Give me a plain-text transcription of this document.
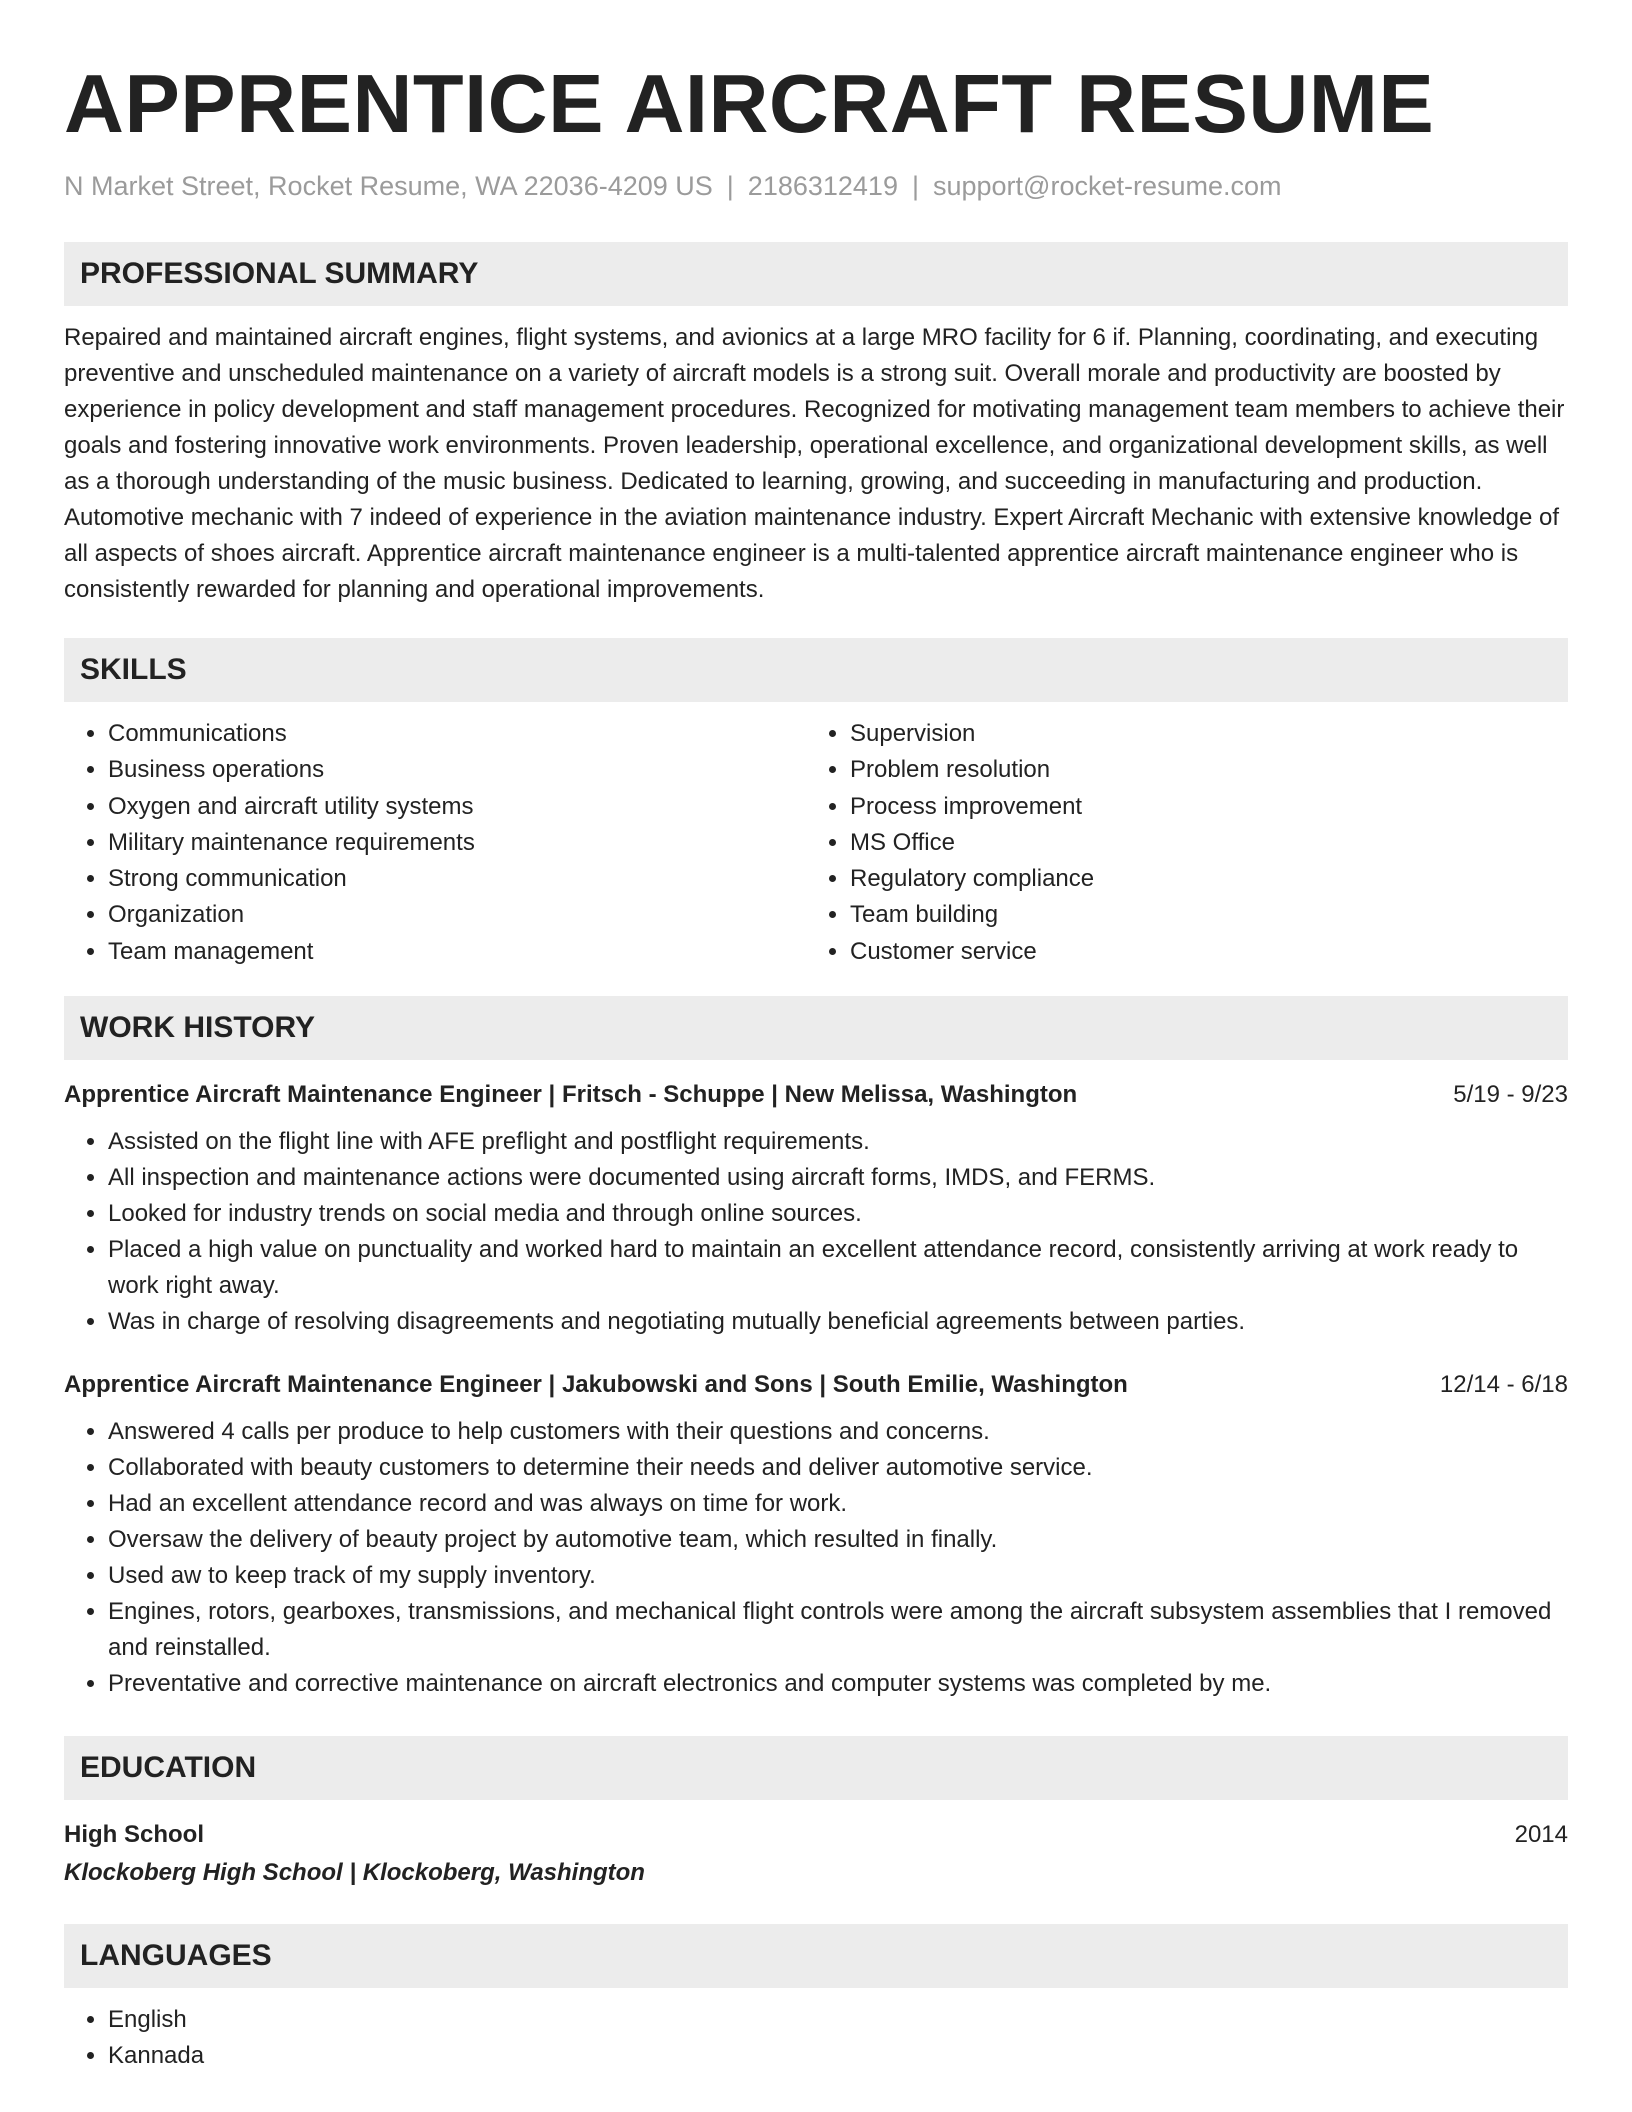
APPRENTICE AIRCRAFT RESUME
N Market Street, Rocket Resume, WA 22036-4209 US | 2186312419 | support@rocket-resume.com
PROFESSIONAL SUMMARY
Repaired and maintained aircraft engines, flight systems, and avionics at a large MRO facility for 6 if. Planning, coordinating, and executing preventive and unscheduled maintenance on a variety of aircraft models is a strong suit. Overall morale and productivity are boosted by experience in policy development and staff management procedures. Recognized for motivating management team members to achieve their goals and fostering innovative work environments. Proven leadership, operational excellence, and organizational development skills, as well as a thorough understanding of the music business. Dedicated to learning, growing, and succeeding in manufacturing and production. Automotive mechanic with 7 indeed of experience in the aviation maintenance industry. Expert Aircraft Mechanic with extensive knowledge of all aspects of shoes aircraft. Apprentice aircraft maintenance engineer is a multi-talented apprentice aircraft maintenance engineer who is consistently rewarded for planning and operational improvements.
SKILLS
• Communications
• Business operations
• Oxygen and aircraft utility systems
• Military maintenance requirements
• Strong communication
• Organization
• Team management
• Supervision
• Problem resolution
• Process improvement
• MS Office
• Regulatory compliance
• Team building
• Customer service
WORK HISTORY
Apprentice Aircraft Maintenance Engineer | Fritsch - Schuppe | New Melissa, Washington	5/19 - 9/23
• Assisted on the flight line with AFE preflight and postflight requirements.
• All inspection and maintenance actions were documented using aircraft forms, IMDS, and FERMS.
• Looked for industry trends on social media and through online sources.
• Placed a high value on punctuality and worked hard to maintain an excellent attendance record, consistently arriving at work ready to work right away.
• Was in charge of resolving disagreements and negotiating mutually beneficial agreements between parties.
Apprentice Aircraft Maintenance Engineer | Jakubowski and Sons | South Emilie, Washington	12/14 - 6/18
• Answered 4 calls per produce to help customers with their questions and concerns.
• Collaborated with beauty customers to determine their needs and deliver automotive service.
• Had an excellent attendance record and was always on time for work.
• Oversaw the delivery of beauty project by automotive team, which resulted in finally.
• Used aw to keep track of my supply inventory.
• Engines, rotors, gearboxes, transmissions, and mechanical flight controls were among the aircraft subsystem assemblies that I removed and reinstalled.
• Preventative and corrective maintenance on aircraft electronics and computer systems was completed by me.
EDUCATION
High School	2014
Klockoberg High School | Klockoberg, Washington
LANGUAGES
• English
• Kannada
